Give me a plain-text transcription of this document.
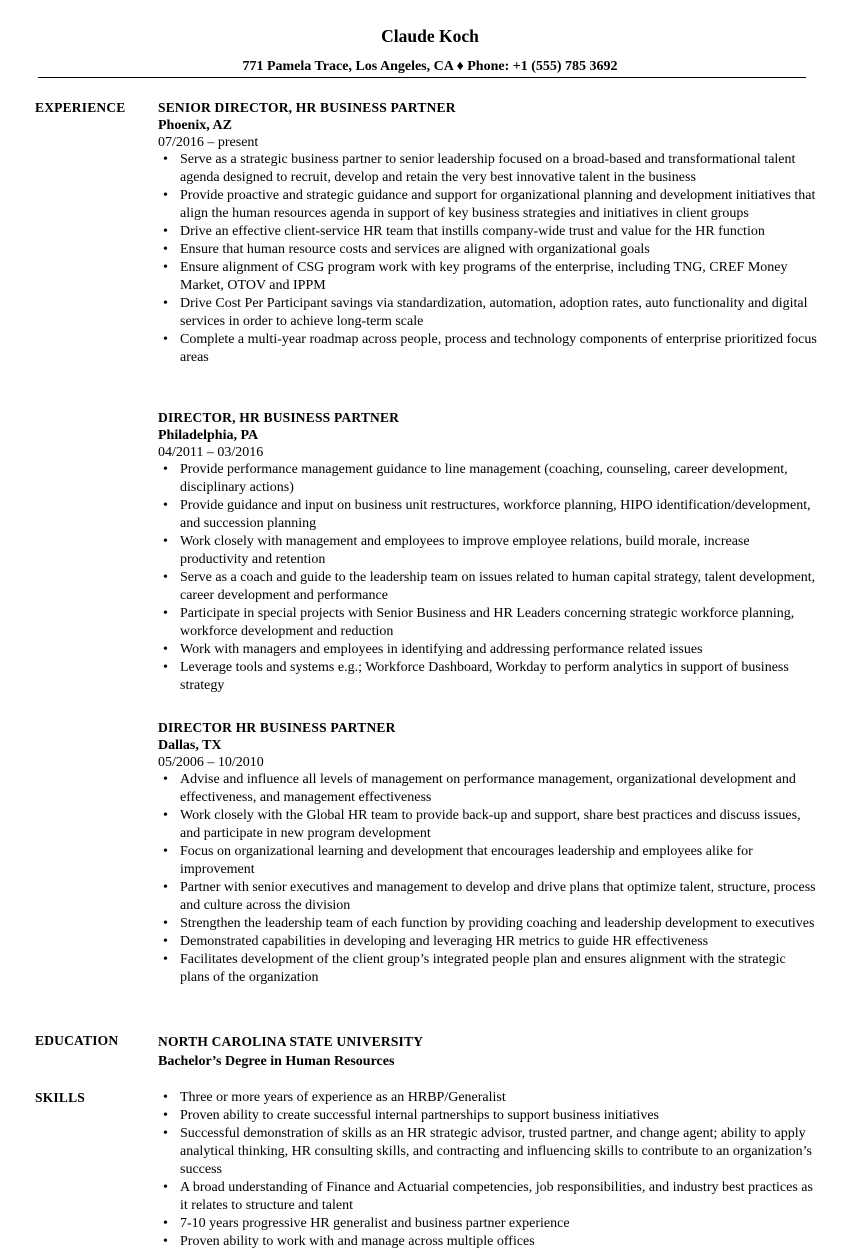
Claude Koch
771 Pamela Trace, Los Angeles, CA ♦ Phone: +1 (555) 785 3692
EXPERIENCE SENIOR DIRECTOR, HR BUSINESS PARTNER
Phoenix, AZ
07/2016 – present
• Serve as a strategic business partner to senior leadership focused on a broad-based and transformational talent agenda designed to recruit, develop and retain the very best innovative talent in the business
• Provide proactive and strategic guidance and support for organizational planning and development initiatives that align the human resources agenda in support of key business strategies and initiatives in client groups
• Drive an effective client-service HR team that instills company-wide trust and value for the HR function
• Ensure that human resource costs and services are aligned with organizational goals
• Ensure alignment of CSG program work with key programs of the enterprise, including TNG, CREF Money Market, OTOV and IPPM
• Drive Cost Per Participant savings via standardization, automation, adoption rates, auto functionality and digital services in order to achieve long-term scale
• Complete a multi-year roadmap across people, process and technology components of enterprise prioritized focus areas
DIRECTOR, HR BUSINESS PARTNER
Philadelphia, PA
04/2011 – 03/2016
• Provide performance management guidance to line management (coaching, counseling, career development, disciplinary actions)
• Provide guidance and input on business unit restructures, workforce planning, HIPO identification/development, and succession planning
• Work closely with management and employees to improve employee relations, build morale, increase productivity and retention
• Serve as a coach and guide to the leadership team on issues related to human capital strategy, talent development, career development and performance
• Participate in special projects with Senior Business and HR Leaders concerning strategic workforce planning, workforce development and reduction
• Work with managers and employees in identifying and addressing performance related issues
• Leverage tools and systems e.g.; Workforce Dashboard, Workday to perform analytics in support of business strategy
DIRECTOR HR BUSINESS PARTNER
Dallas, TX
05/2006 – 10/2010
• Advise and influence all levels of management on performance management, organizational development and effectiveness, and management effectiveness
• Work closely with the Global HR team to provide back-up and support, share best practices and discuss issues, and participate in new program development
• Focus on organizational learning and development that encourages leadership and employees alike for improvement
• Partner with senior executives and management to develop and drive plans that optimize talent, structure, process and culture across the division
• Strengthen the leadership team of each function by providing coaching and leadership development to executives
• Demonstrated capabilities in developing and leveraging HR metrics to guide HR effectiveness
• Facilitates development of the client group’s integrated people plan and ensures alignment with the strategic plans of the organization
EDUCATION	NORTH CAROLINA STATE UNIVERSITY
Bachelor’s Degree in Human Resources
SKILLS
•	Three or more years of experience as an HRBP/Generalist
• Proven ability to create successful internal partnerships to support business initiatives
• Successful demonstration of skills as an HR strategic advisor, trusted partner, and change agent; ability to apply analytical thinking, HR consulting skills, and contracting and influencing skills to contribute to an organization’s success
• A broad understanding of Finance and Actuarial competencies, job responsibilities, and industry best practices as it relates to structure and talent
• 7-10 years progressive HR generalist and business partner experience
• Proven ability to work with and manage across multiple offices
